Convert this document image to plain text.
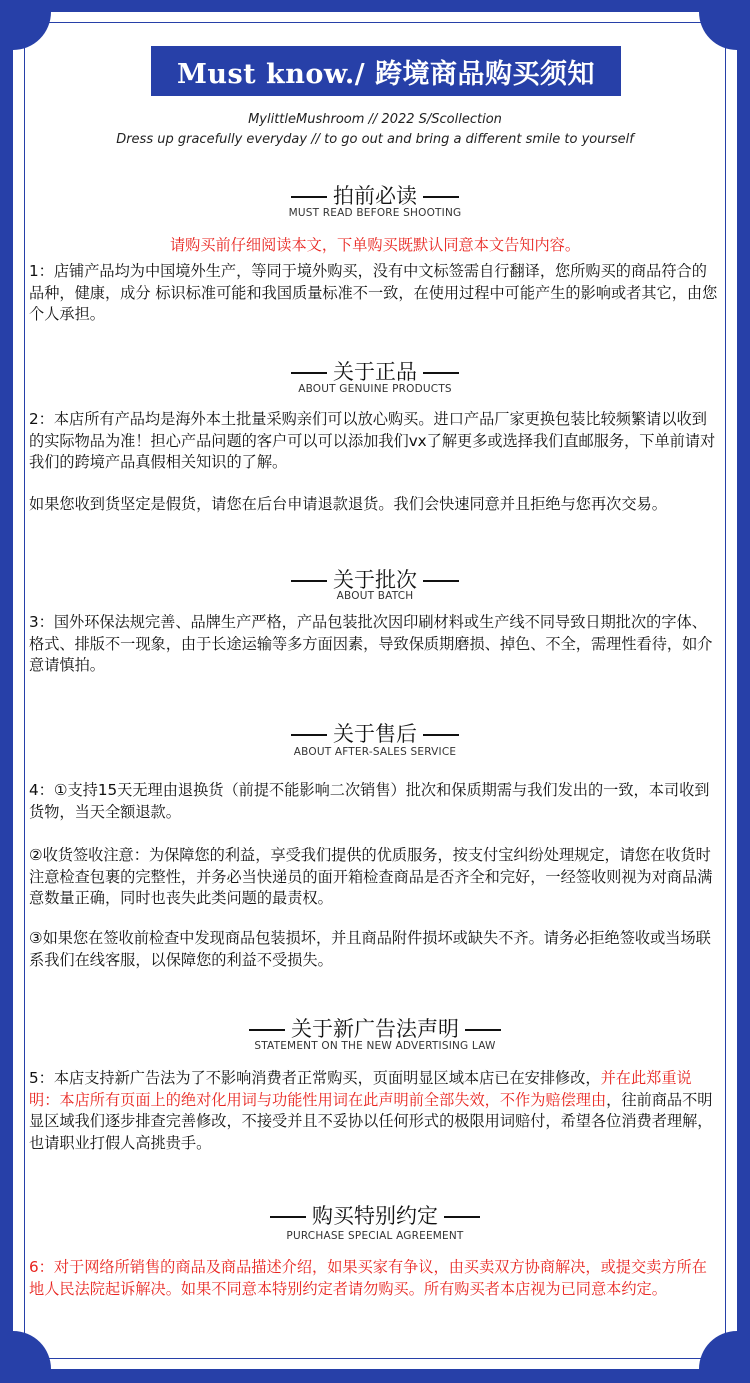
Must know./ 跨境商品购买须知
MylittleMushroom // 2022 S/Scollection
Dress up gracefully everyday // to go out and bring a different smile to yourself
拍前必读
MUST READ BEFORE SHOOTING
请购买前仔细阅读本文，下单购买既默认同意本文告知内容。
1：店铺产品均为中国境外生产，等同于境外购买，没有中文标签需自行翻译，您所购买的商品符合的品种，健康，成分 标识标准可能和我国质量标准不一致，在使用过程中可能产生的影响或者其它，由您个人承担。
关于正品
ABOUT GENUINE PRODUCTS
2：本店所有产品均是海外本土批量采购亲们可以放心购买。进口产品厂家更换包装比较频繁请以收到的实际物品为准！担心产品问题的客户可以可以添加我们vx了解更多或选择我们直邮服务，下单前请对我们的跨境产品真假相关知识的了解。
如果您收到货坚定是假货，请您在后台申请退款退货。我们会快速同意并且拒绝与您再次交易。
关于批次
ABOUT BATCH
3：国外环保法规完善、品牌生产严格，产品包装批次因印刷材料或生产线不同导致日期批次的字体、格式、排版不一现象，由于长途运输等多方面因素，导致保质期磨损、掉色、不全，需理性看待，如介意请慎拍。
关于售后
ABOUT AFTER-SALES SERVICE
4：①支持15天无理由退换货（前提不能影响二次销售）批次和保质期需与我们发出的一致，本司收到货物，当天全额退款。
②收货签收注意：为保障您的利益，享受我们提供的优质服务，按支付宝纠纷处理规定，请您在收货时注意检查包裹的完整性，并务必当快递员的面开箱检查商品是否齐全和完好，一经签收则视为对商品满意数量正确，同时也丧失此类问题的最责权。
③如果您在签收前检查中发现商品包装损坏，并且商品附件损坏或缺失不齐。请务必拒绝签收或当场联系我们在线客服，以保障您的利益不受损失。
关于新广告法声明
STATEMENT ON THE NEW ADVERTISING LAW
5：本店支持新广告法为了不影响消费者正常购买，页面明显区域本店已在安排修改，并在此郑重说明：本店所有页面上的绝对化用词与功能性用词在此声明前全部失效，不作为赔偿理由，往前商品不明显区域我们逐步排查完善修改，不接受并且不妥协以任何形式的极限用词赔付，希望各位消费者理解，也请职业打假人高挑贵手。
购买特别约定
PURCHASE SPECIAL AGREEMENT
6：对于网络所销售的商品及商品描述介绍，如果买家有争议，由买卖双方协商解决，或提交卖方所在地人民法院起诉解决。如果不同意本特别约定者请勿购买。所有购买者本店视为已同意本约定。
